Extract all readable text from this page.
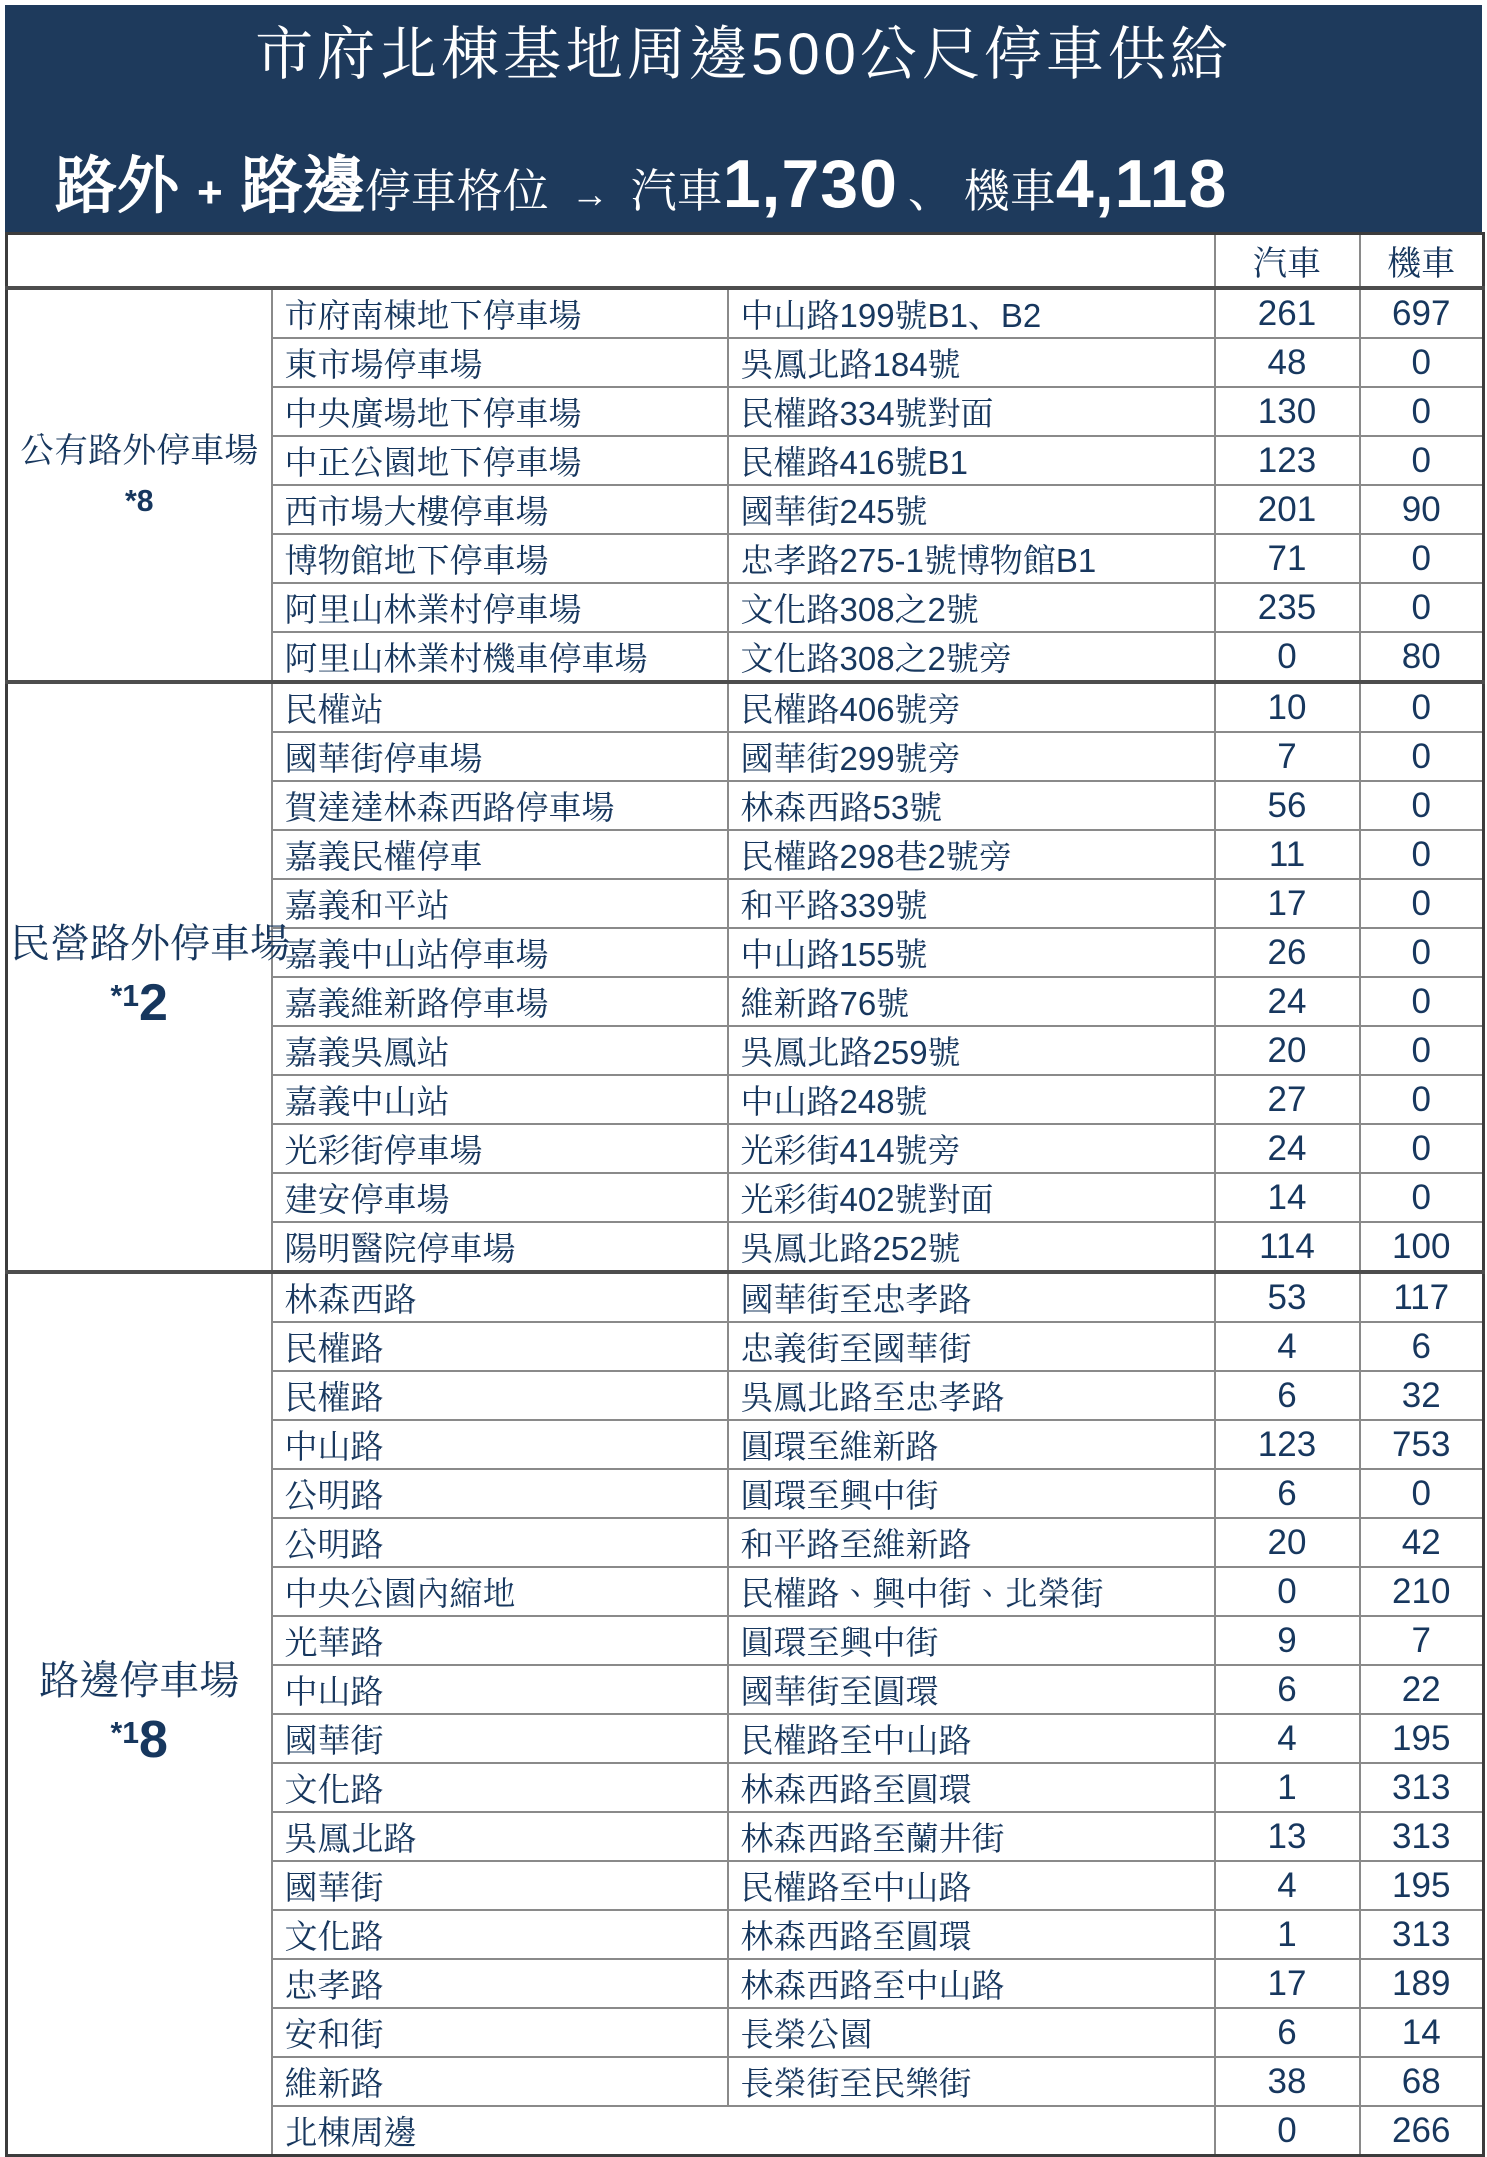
市府北棟基地周邊500公尺停車供給
路外 + 路邊 停車格位 → 汽車 1,730 、 機車 4,118
			汽車	機車

公有路外停車場
*8	市府南棟地下停車場	中山路199號B1、B2	261	697
	東市場停車場	吳鳳北路184號	48	0
	中央廣場地下停車場	民權路334號對面	130	0
	中正公園地下停車場	民權路416號B1	123	0
	西市場大樓停車場	國華街245號	201	90
	博物館地下停車場	忠孝路275-1號博物館B1	71	0
	阿里山林業村停車場	文化路308之2號	235	0
	阿里山林業村機車停車場	文化路308之2號旁	0	80

民營路外停車場
*12	民權站	民權路406號旁	10	0
	國華街停車場	國華街299號旁	7	0
	賀達達林森西路停車場	林森西路53號	56	0
	嘉義民權停車	民權路298巷2號旁	11	0
	嘉義和平站	和平路339號	17	0
	嘉義中山站停車場	中山路155號	26	0
	嘉義維新路停車場	維新路76號	24	0
	嘉義吳鳳站	吳鳳北路259號	20	0
	嘉義中山站	中山路248號	27	0
	光彩街停車場	光彩街414號旁	24	0
	建安停車場	光彩街402號對面	14	0
	陽明醫院停車場	吳鳳北路252號	114	100

路邊停車場
*18	林森西路	國華街至忠孝路	53	117
	民權路	忠義街至國華街	4	6
	民權路	吳鳳北路至忠孝路	6	32
	中山路	圓環至維新路	123	753
	公明路	圓環至興中街	6	0
	公明路	和平路至維新路	20	42
	中央公園內縮地	民權路、興中街、北榮街	0	210
	光華路	圓環至興中街	9	7
	中山路	國華街至圓環	6	22
	國華街	民權路至中山路	4	195
	文化路	林森西路至圓環	1	313
	吳鳳北路	林森西路至蘭井街	13	313
	國華街	民權路至中山路	4	195
	文化路	林森西路至圓環	1	313
	忠孝路	林森西路至中山路	17	189
	安和街	長榮公園	6	14
	維新路	長榮街至民樂街	38	68
	北棟周邊		0	266
